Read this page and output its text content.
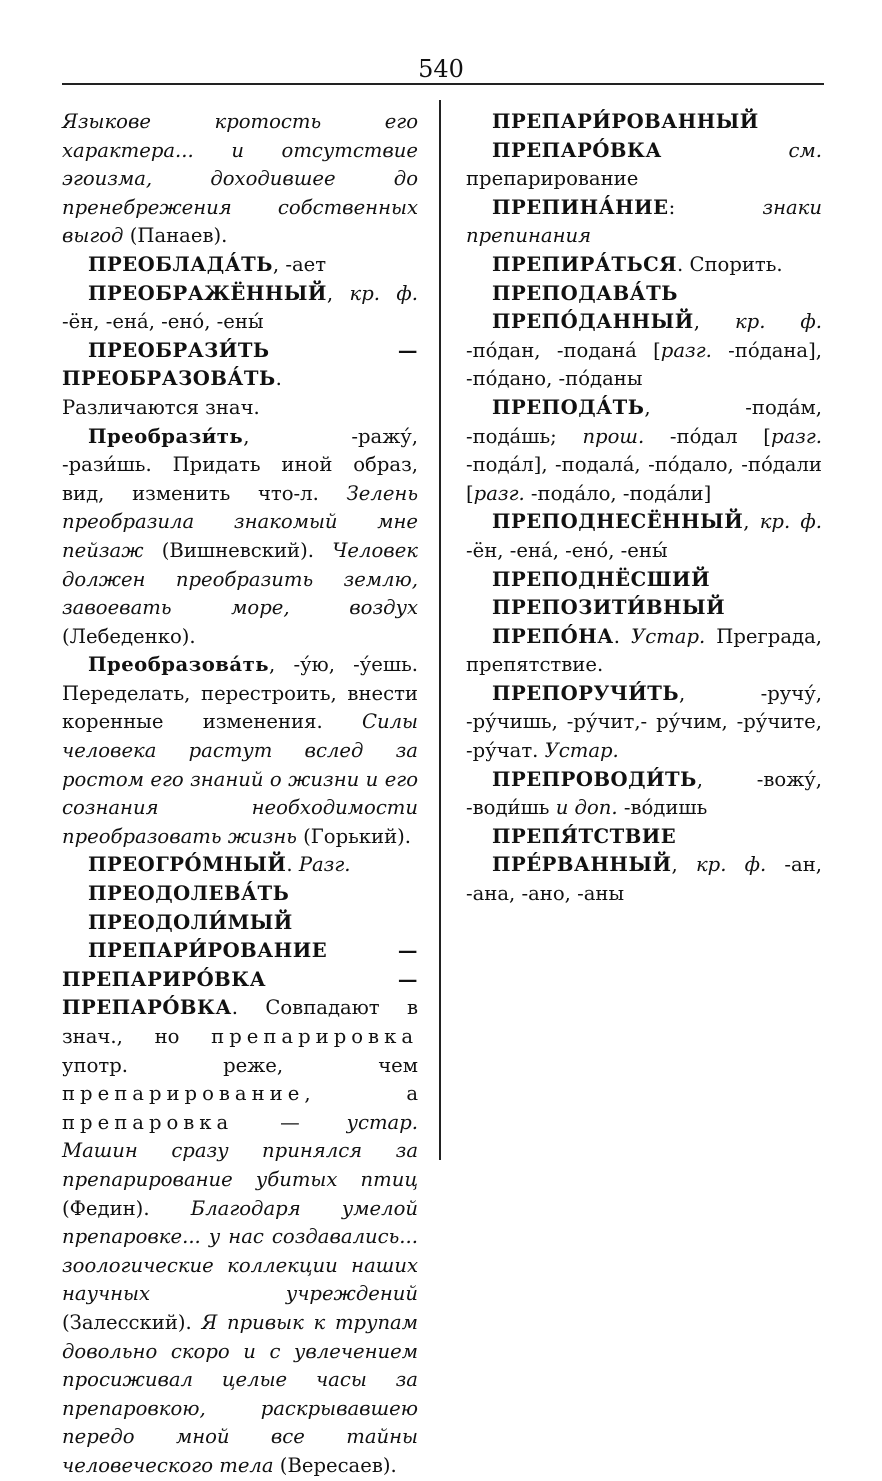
540

Языкове кротость его характера... и отсутствие эгоизма, доходившее до пренебрежения собственных выгод (Панаев).

ПРЕОБЛАДА́ТЬ, -ает

ПРЕОБРАЖЁННЫЙ, кр. ф. -ён, -ена́, -ено́, -ены́

ПРЕОБРАЗИ́ТЬ — ПРЕОБРАЗОВА́ТЬ. Различаются знач.

Преобрази́ть, -ражу́, -рази́шь. Придать иной образ, вид, изменить что-л. Зелень преобразила знакомый мне пейзаж (Вишневский). Человек должен преобразить землю, завоевать море, воздух (Лебеденко).

Преобразова́ть, -у́ю, -у́ешь. Переделать, перестроить, внести коренные изменения. Силы человека растут вслед за ростом его знаний о жизни и его сознания необходимости преобразовать жизнь (Горький).

ПРЕОГРО́МНЫЙ. Разг.

ПРЕОДОЛЕВА́ТЬ

ПРЕОДОЛИ́МЫЙ

ПРЕПАРИ́РОВАНИЕ — ПРЕПАРИРО́ВКА — ПРЕПАРО́ВКА. Совпадают в знач., но препарировка употр. реже, чем препарирование, а препаровка — устар. Машин сразу принялся за препарирование убитых птиц (Федин). Благодаря умелой препаровке... у нас создавались... зоологические коллекции наших научных учреждений (Залесский). Я привык к трупам довольно скоро и с увлечением просиживал целые часы за препаровкою, раскрывавшею передо мной все тайны человеческого тела (Вересаев).

ПРЕПАРИ́РОВАННЫЙ

ПРЕПАРО́ВКА см. препарирование

ПРЕПИНА́НИЕ: знаки препинания

ПРЕПИРА́ТЬСЯ. Спорить.

ПРЕПОДАВА́ТЬ

ПРЕПО́ДАННЫЙ, кр. ф. -по́дан, -подана́ [разг. -по́дана], -по́дано, -по́даны

ПРЕПОДА́ТЬ, -пода́м, -пода́шь; прош. -по́дал [разг. -пода́л], -подала́, -по́дало, -по́дали [разг. -пода́ло, -пода́ли]

ПРЕПОДНЕСЁННЫЙ, кр. ф. -ён, -ена́, -ено́, -ены́

ПРЕПОДНЁСШИЙ

ПРЕПОЗИТИ́ВНЫЙ

ПРЕПО́НА. Устар. Преграда, препятствие.

ПРЕПОРУЧИ́ТЬ, -ручу́, -ру́чишь, -ру́чит,- ру́чим, -ру́чите, -ру́чат. Устар.

ПРЕПРОВОДИ́ТЬ, -вожу́, -води́шь и доп. -во́дишь

ПРЕПЯ́ТСТВИЕ

ПРЕ́РВАННЫЙ, кр. ф. -ан, -ана, -ано, -аны
